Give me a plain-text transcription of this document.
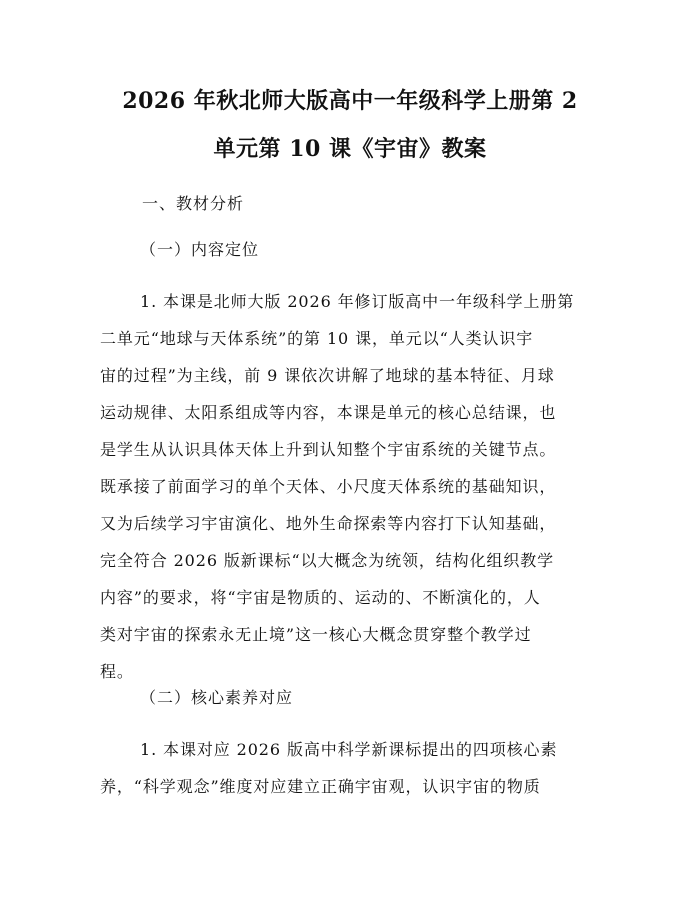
2026 年秋北师大版高中一年级科学上册第 2
单元第 10 课《宇宙》教案
一、教材分析
（一）内容定位
1. 本课是北师大版 2026 年修订版高中一年级科学上册第
二单元“地球与天体系统”的第 10 课，单元以“人类认识宇
宙的过程”为主线，前 9 课依次讲解了地球的基本特征、月球
运动规律、太阳系组成等内容，本课是单元的核心总结课，也
是学生从认识具体天体上升到认知整个宇宙系统的关键节点。
既承接了前面学习的单个天体、小尺度天体系统的基础知识，
又为后续学习宇宙演化、地外生命探索等内容打下认知基础，
完全符合 2026 版新课标“以大概念为统领，结构化组织教学
内容”的要求，将“宇宙是物质的、运动的、不断演化的，人
类对宇宙的探索永无止境”这一核心大概念贯穿整个教学过
程。
（二）核心素养对应
1. 本课对应 2026 版高中科学新课标提出的四项核心素
养，“科学观念”维度对应建立正确宇宙观，认识宇宙的物质
